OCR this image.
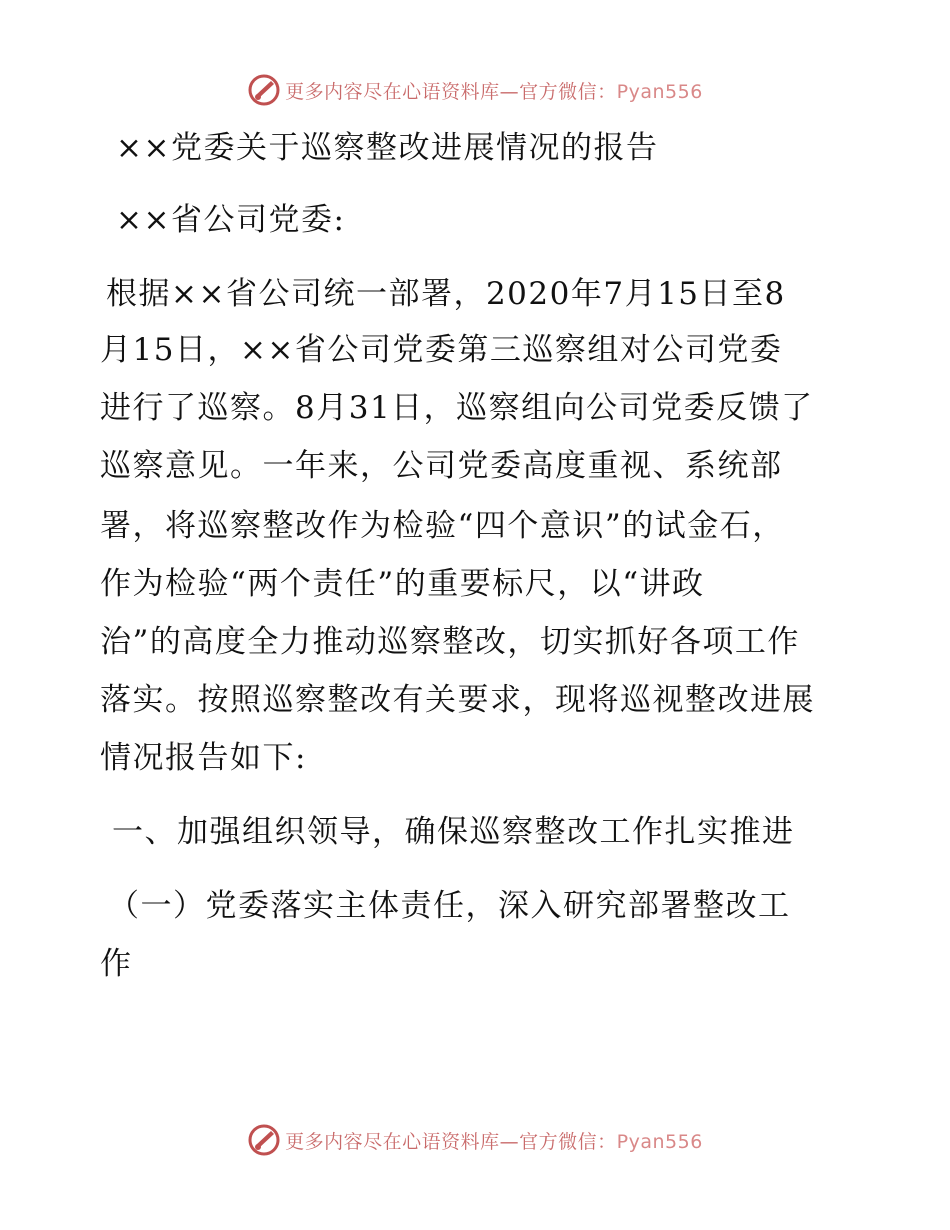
更多内容尽在心语资料库—官方微信：Pyan556
××党委关于巡察整改进展情况的报告
××省公司党委:
根据××省公司统一部署，2020年7月15日至8
月15日，××省公司党委第三巡察组对公司党委
进行了巡察。8月31日，巡察组向公司党委反馈了
巡察意见。一年来，公司党委高度重视、系统部
署，将巡察整改作为检验“四个意识”的试金石，
作为检验“两个责任”的重要标尺，以“讲政
治”的高度全力推动巡察整改，切实抓好各项工作
落实。按照巡察整改有关要求，现将巡视整改进展
情况报告如下:
一、加强组织领导，确保巡察整改工作扎实推进
（一）党委落实主体责任，深入研究部署整改工
作
更多内容尽在心语资料库—官方微信：Pyan556
